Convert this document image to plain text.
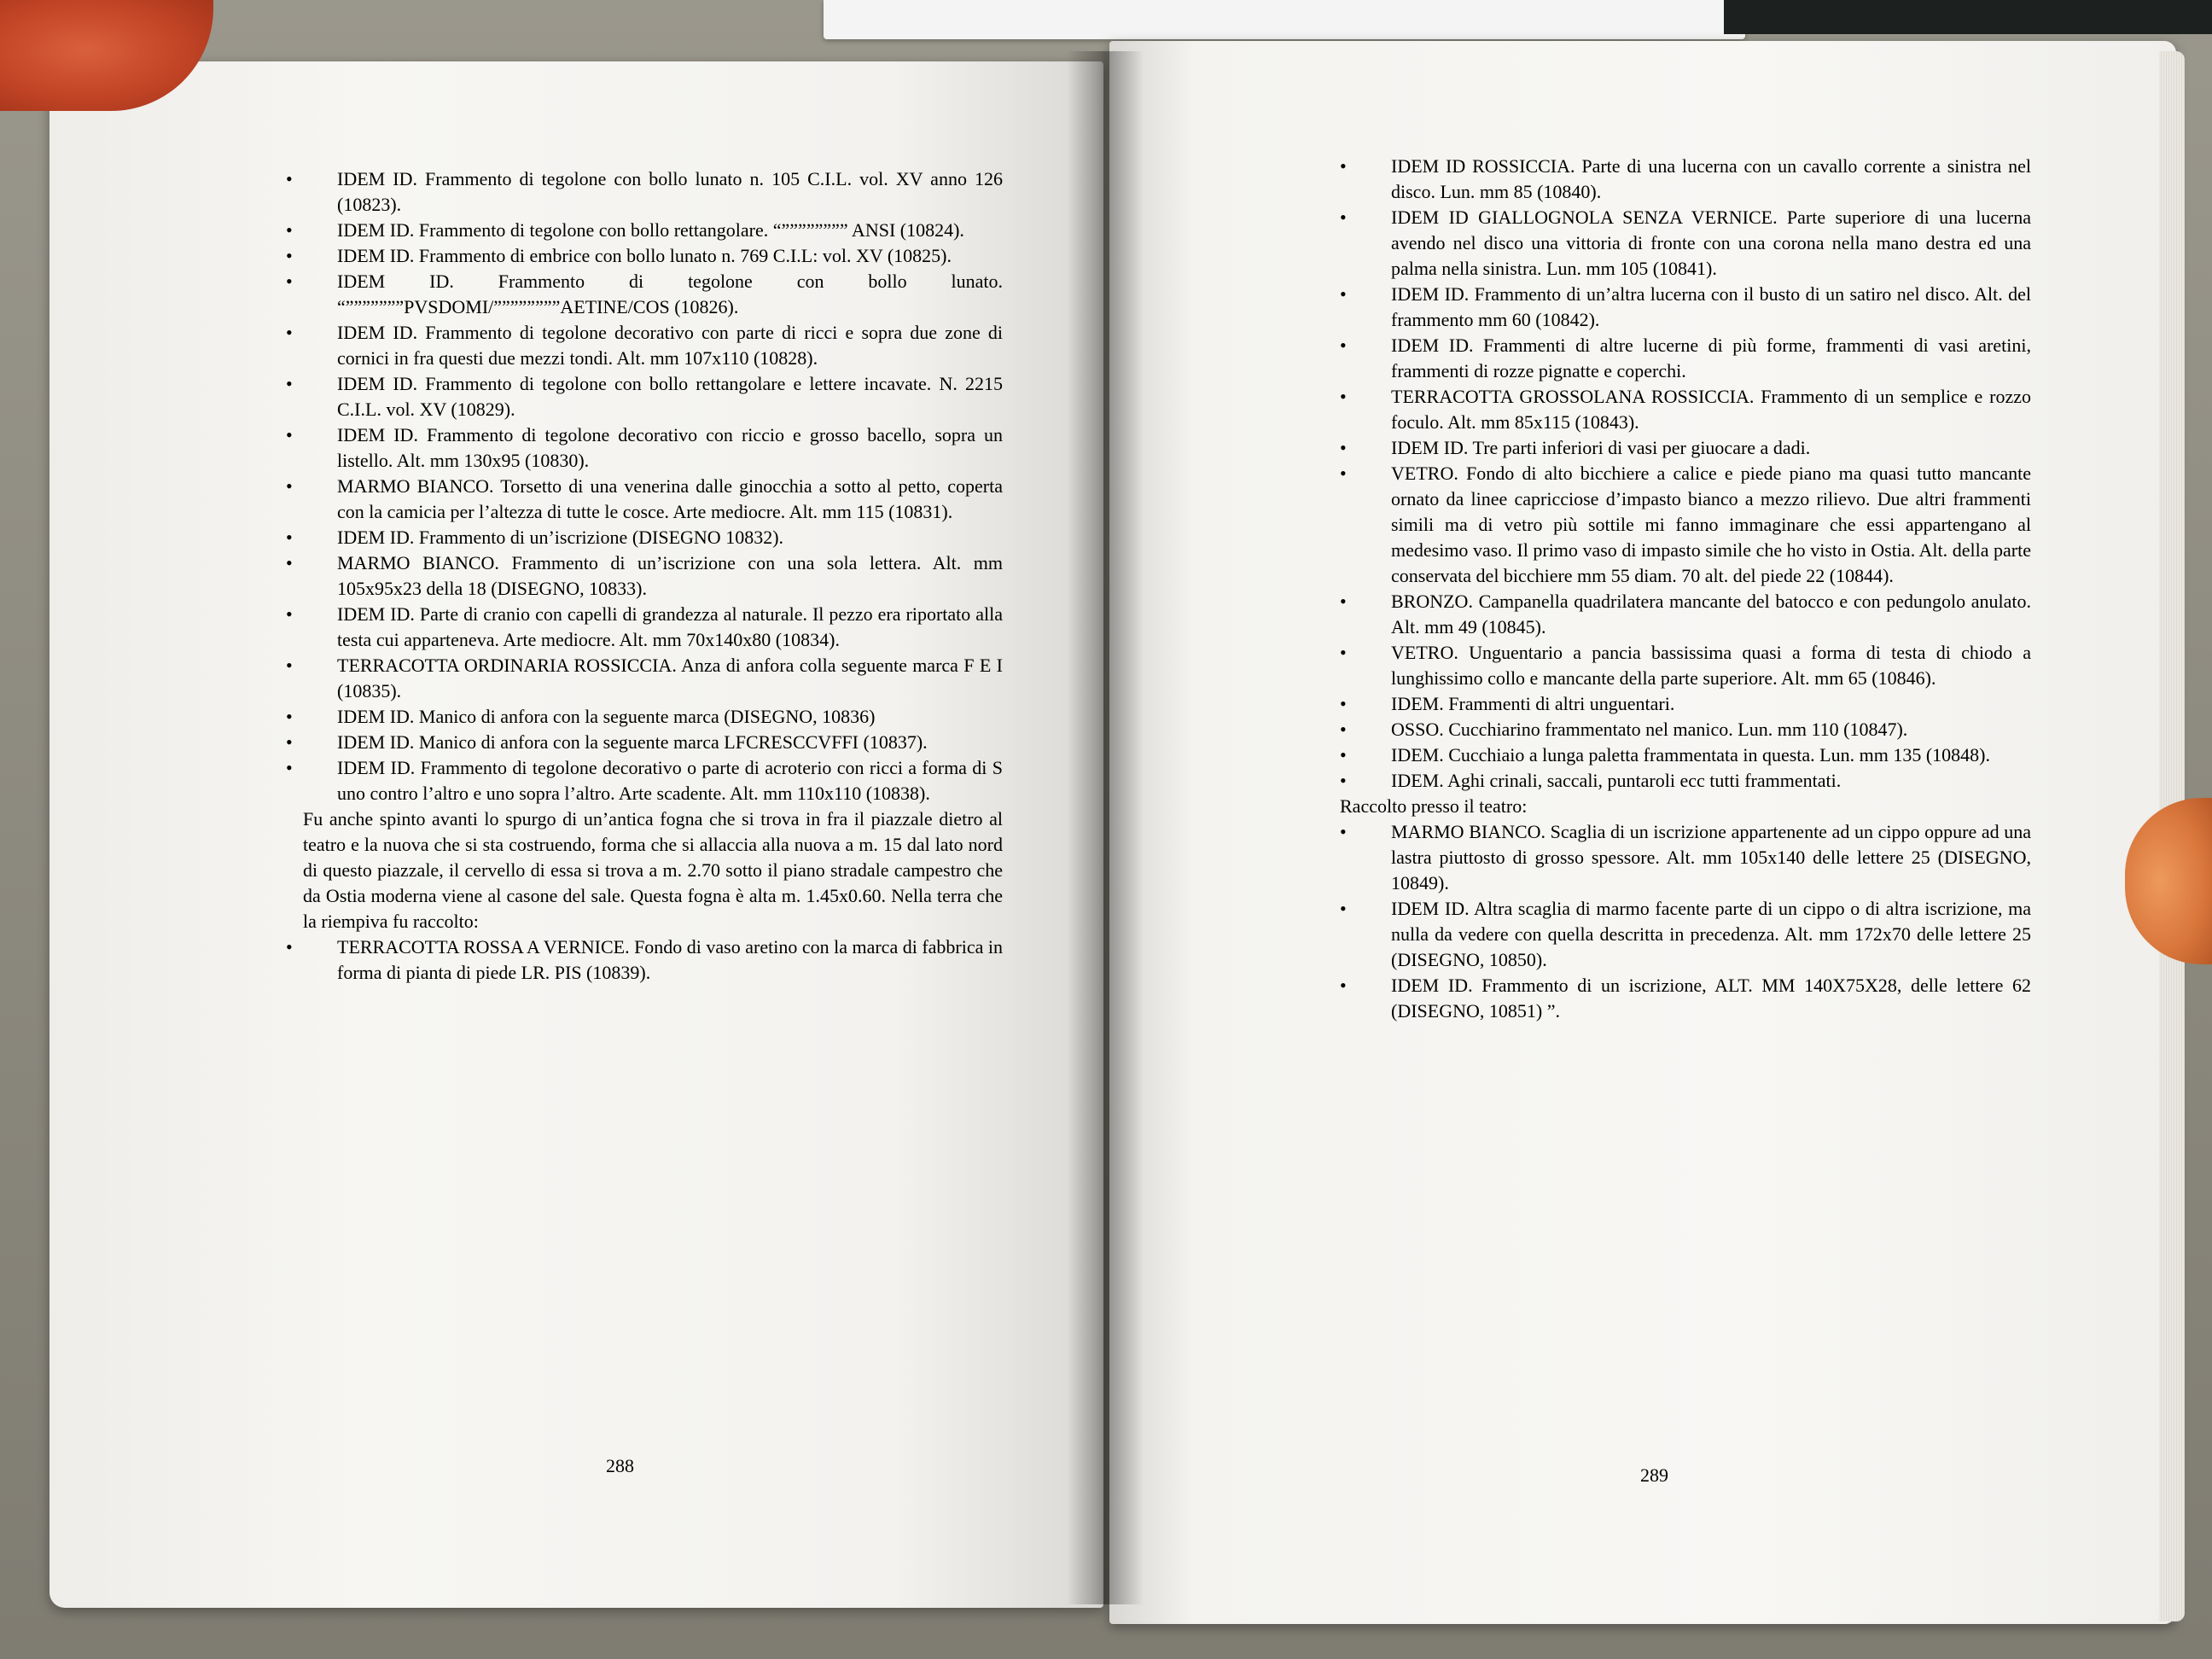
• IDEM ID. Frammento di tegolone con bollo lunato n. 105 C.I.L. vol. XV anno 126 (10823).
• IDEM ID. Frammento di tegolone con bollo rettangolare. “”””””””” ANSI (10824).
• IDEM ID. Frammento di embrice con bollo lunato n. 769 C.I.L: vol. XV (10825).
• IDEM ID. Frammento di tegolone con bollo lunato. “”””””””PVSDOMI/””””””””AETINE/COS (10826).
• IDEM ID. Frammento di tegolone decorativo con parte di ricci e sopra due zone di cornici in fra questi due mezzi tondi. Alt. mm 107x110 (10828).
• IDEM ID. Frammento di tegolone con bollo rettangolare e lettere incavate. N. 2215 C.I.L. vol. XV (10829).
• IDEM ID. Frammento di tegolone decorativo con riccio e grosso bacello, sopra un listello. Alt. mm 130x95 (10830).
• MARMO BIANCO. Torsetto di una venerina dalle ginocchia a sotto al petto, coperta con la camicia per l’altezza di tutte le cosce. Arte mediocre. Alt. mm 115 (10831).
• IDEM ID. Frammento di un’iscrizione (DISEGNO 10832).
• MARMO BIANCO. Frammento di un’iscrizione con una sola lettera. Alt. mm 105x95x23 della 18 (DISEGNO, 10833).
• IDEM ID. Parte di cranio con capelli di grandezza al naturale. Il pezzo era riportato alla testa cui apparteneva. Arte mediocre. Alt. mm 70x140x80 (10834).
• TERRACOTTA ORDINARIA ROSSICCIA. Anza di anfora colla seguente marca F E I (10835).
• IDEM ID. Manico di anfora con la seguente marca (DISEGNO, 10836)
• IDEM ID. Manico di anfora con la seguente marca LFCRESCCVFFI (10837).
• IDEM ID. Frammento di tegolone decorativo o parte di acroterio con ricci a forma di S uno contro l’altro e uno sopra l’altro. Arte scadente. Alt. mm 110x110 (10838).

Fu anche spinto avanti lo spurgo di un’antica fogna che si trova in fra il piazzale dietro al teatro e la nuova che si sta costruendo, forma che si allaccia alla nuova a m. 15 dal lato nord di questo piazzale, il cervello di essa si trova a m. 2.70 sotto il piano stradale campestro che da Ostia moderna viene al casone del sale. Questa fogna è alta m. 1.45x0.60. Nella terra che la riempiva fu raccolto:

• TERRACOTTA ROSSA A VERNICE. Fondo di vaso aretino con la marca di fabbrica in forma di pianta di piede LR. PIS (10839).
• IDEM ID ROSSICCIA. Parte di una lucerna con un cavallo corrente a sinistra nel disco. Lun. mm 85 (10840).
• IDEM ID GIALLOGNOLA SENZA VERNICE. Parte superiore di una lucerna avendo nel disco una vittoria di fronte con una corona nella mano destra ed una palma nella sinistra. Lun. mm 105 (10841).
• IDEM ID. Frammento di un’altra lucerna con il busto di un satiro nel disco. Alt. del frammento mm 60 (10842).
• IDEM ID. Frammenti di altre lucerne di più forme, frammenti di vasi aretini, frammenti di rozze pignatte e coperchi.
• TERRACOTTA GROSSOLANA ROSSICCIA. Frammento di un semplice e rozzo foculo. Alt. mm 85x115 (10843).
• IDEM ID. Tre parti inferiori di vasi per giuocare a dadi.
• VETRO. Fondo di alto bicchiere a calice e piede piano ma quasi tutto mancante ornato da linee capricciose d’impasto bianco a mezzo rilievo. Due altri frammenti simili ma di vetro più sottile mi fanno immaginare che essi appartengano al medesimo vaso. Il primo vaso di impasto simile che ho visto in Ostia. Alt. della parte conservata del bicchiere mm 55 diam. 70 alt. del piede 22 (10844).
• BRONZO. Campanella quadrilatera mancante del batocco e con pedungolo anulato. Alt. mm 49 (10845).
• VETRO. Unguentario a pancia bassissima quasi a forma di testa di chiodo a lunghissimo collo e mancante della parte superiore. Alt. mm 65 (10846).
• IDEM. Frammenti di altri unguentari.
• OSSO. Cucchiarino frammentato nel manico. Lun. mm 110 (10847).
• IDEM. Cucchiaio a lunga paletta frammentata in questa. Lun. mm 135 (10848).
• IDEM. Aghi crinali, saccali, puntaroli ecc tutti frammentati.

Raccolto presso il teatro:

• MARMO BIANCO. Scaglia di un iscrizione appartenente ad un cippo oppure ad una lastra piuttosto di grosso spessore. Alt. mm 105x140 delle lettere 25 (DISEGNO, 10849).
• IDEM ID. Altra scaglia di marmo facente parte di un cippo o di altra iscrizione, ma nulla da vedere con quella descritta in precedenza. Alt. mm 172x70 delle lettere 25 (DISEGNO, 10850).
• IDEM ID. Frammento di un iscrizione, ALT. MM 140X75X28, delle lettere 62 (DISEGNO, 10851) ”.
288	289
